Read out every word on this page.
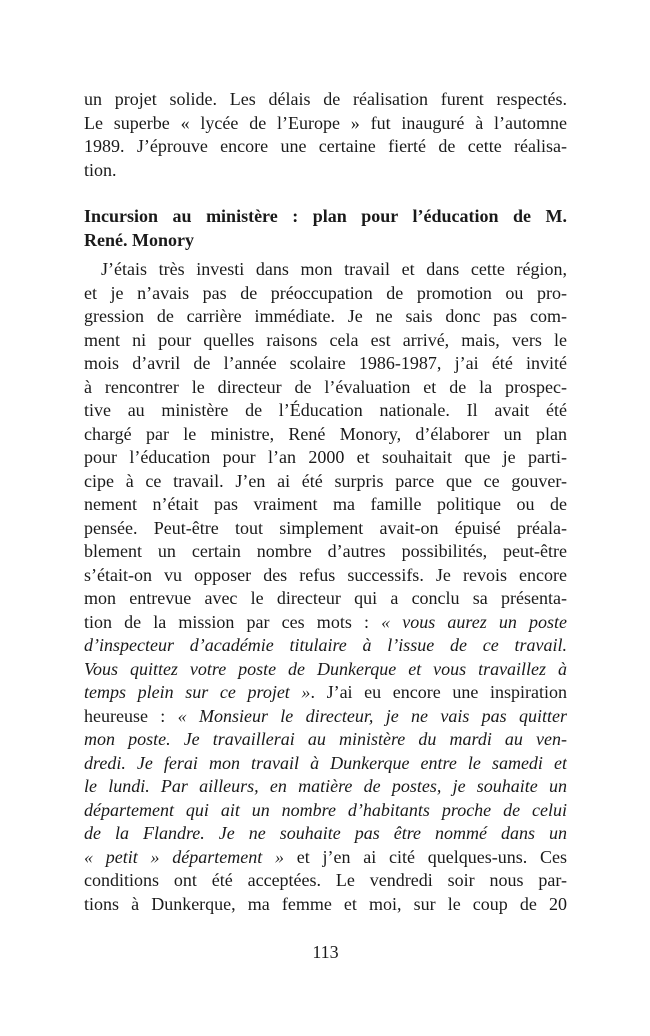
un projet solide. Les délais de réalisation furent respectés.
Le superbe « lycée de l’Europe » fut inauguré à l’automne
1989. J’éprouve encore une certaine fierté de cette réalisa-
tion.
Incursion au ministère : plan pour l’éducation de M.
René. Monory
J’étais très investi dans mon travail et dans cette région,
et je n’avais pas de préoccupation de promotion ou pro-
gression de carrière immédiate. Je ne sais donc pas com-
ment ni pour quelles raisons cela est arrivé, mais, vers le
mois d’avril de l’année scolaire 1986-1987, j’ai été invité
à rencontrer le directeur de l’évaluation et de la prospec-
tive au ministère de l’Éducation nationale. Il avait été
chargé par le ministre, René Monory, d’élaborer un plan
pour l’éducation pour l’an 2000 et souhaitait que je parti-
cipe à ce travail. J’en ai été surpris parce que ce gouver-
nement n’était pas vraiment ma famille politique ou de
pensée. Peut-être tout simplement avait-on épuisé préala-
blement un certain nombre d’autres possibilités, peut-être
s’était-on vu opposer des refus successifs. Je revois encore
mon entrevue avec le directeur qui a conclu sa présenta-
tion de la mission par ces mots : « vous aurez un poste
d’inspecteur d’académie titulaire à l’issue de ce travail.
Vous quittez votre poste de Dunkerque et vous travaillez à
temps plein sur ce projet ». J’ai eu encore une inspiration
heureuse : « Monsieur le directeur, je ne vais pas quitter
mon poste. Je travaillerai au ministère du mardi au ven-
dredi. Je ferai mon travail à Dunkerque entre le samedi et
le lundi. Par ailleurs, en matière de postes, je souhaite un
département qui ait un nombre d’habitants proche de celui
de la Flandre. Je ne souhaite pas être nommé dans un
« petit » département » et j’en ai cité quelques-uns. Ces
conditions ont été acceptées. Le vendredi soir nous par-
tions à Dunkerque, ma femme et moi, sur le coup de 20
113
